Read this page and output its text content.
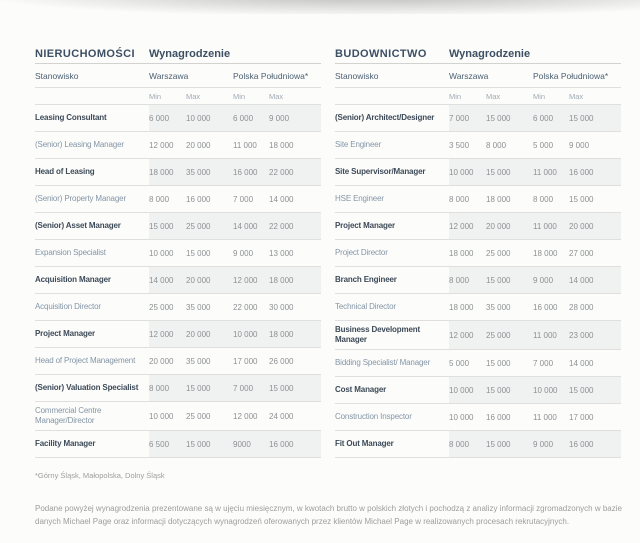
NIERUCHOMOŚCI	Wynagrodzenie
Stanowisko	Warszawa	Polska Południowa*
Min	Max	Min	Max
Leasing Consultant	6 000	10 000	6 000	9 000
(Senior) Leasing Manager	12 000	20 000	11 000	18 000
Head of Leasing	18 000	35 000	16 000	22 000
(Senior) Property Manager	8 000	16 000	7 000	14 000
(Senior) Asset Manager	15 000	25 000	14 000	22 000
Expansion Specialist	10 000	15 000	9 000	13 000
Acquisition Manager	14 000	20 000	12 000	18 000
Acquisition Director	25 000	35 000	22 000	30 000
Project Manager	12 000	20 000	10 000	18 000
Head of Project Management	20 000	35 000	17 000	26 000
(Senior) Valuation Specialist	8 000	15 000	7 000	15 000
Commercial Centre Manager/Director	10 000	25 000	12 000	24 000
Facility Manager	6 500	15 000	9000	16 000
BUDOWNICTWO	Wynagrodzenie
Stanowisko	Warszawa	Polska Południowa*
Min	Max	Min	Max
(Senior) Architect/Designer	7 000	15 000	6 000	15 000
Site Engineer	3 500	8 000	5 000	9 000
Site Supervisor/Manager	10 000	15 000	11 000	16 000
HSE Engineer	8 000	18 000	8 000	15 000
Project Manager	12 000	20 000	11 000	20 000
Project Director	18 000	25 000	18 000	27 000
Branch Engineer	8 000	15 000	9 000	14 000
Technical Director	18 000	35 000	16 000	28 000
Business Development Manager	12 000	25 000	11 000	23 000
Bidding Specialist/ Manager	5 000	15 000	7 000	14 000
Cost Manager	10 000	15 000	10 000	15 000
Construction Inspector	10 000	16 000	11 000	17 000
Fit Out Manager	8 000	15 000	9 000	16 000
*Górny Śląsk, Małopolska, Dolny Śląsk
Podane powyżej wynagrodzenia prezentowane są w ujęciu miesięcznym, w kwotach brutto w polskich złotych i pochodzą z analizy informacji zgromadzonych w bazie danych Michael Page oraz informacji dotyczących wynagrodzeń oferowanych przez klientów Michael Page w realizowanych procesach rekrutacyjnych.
